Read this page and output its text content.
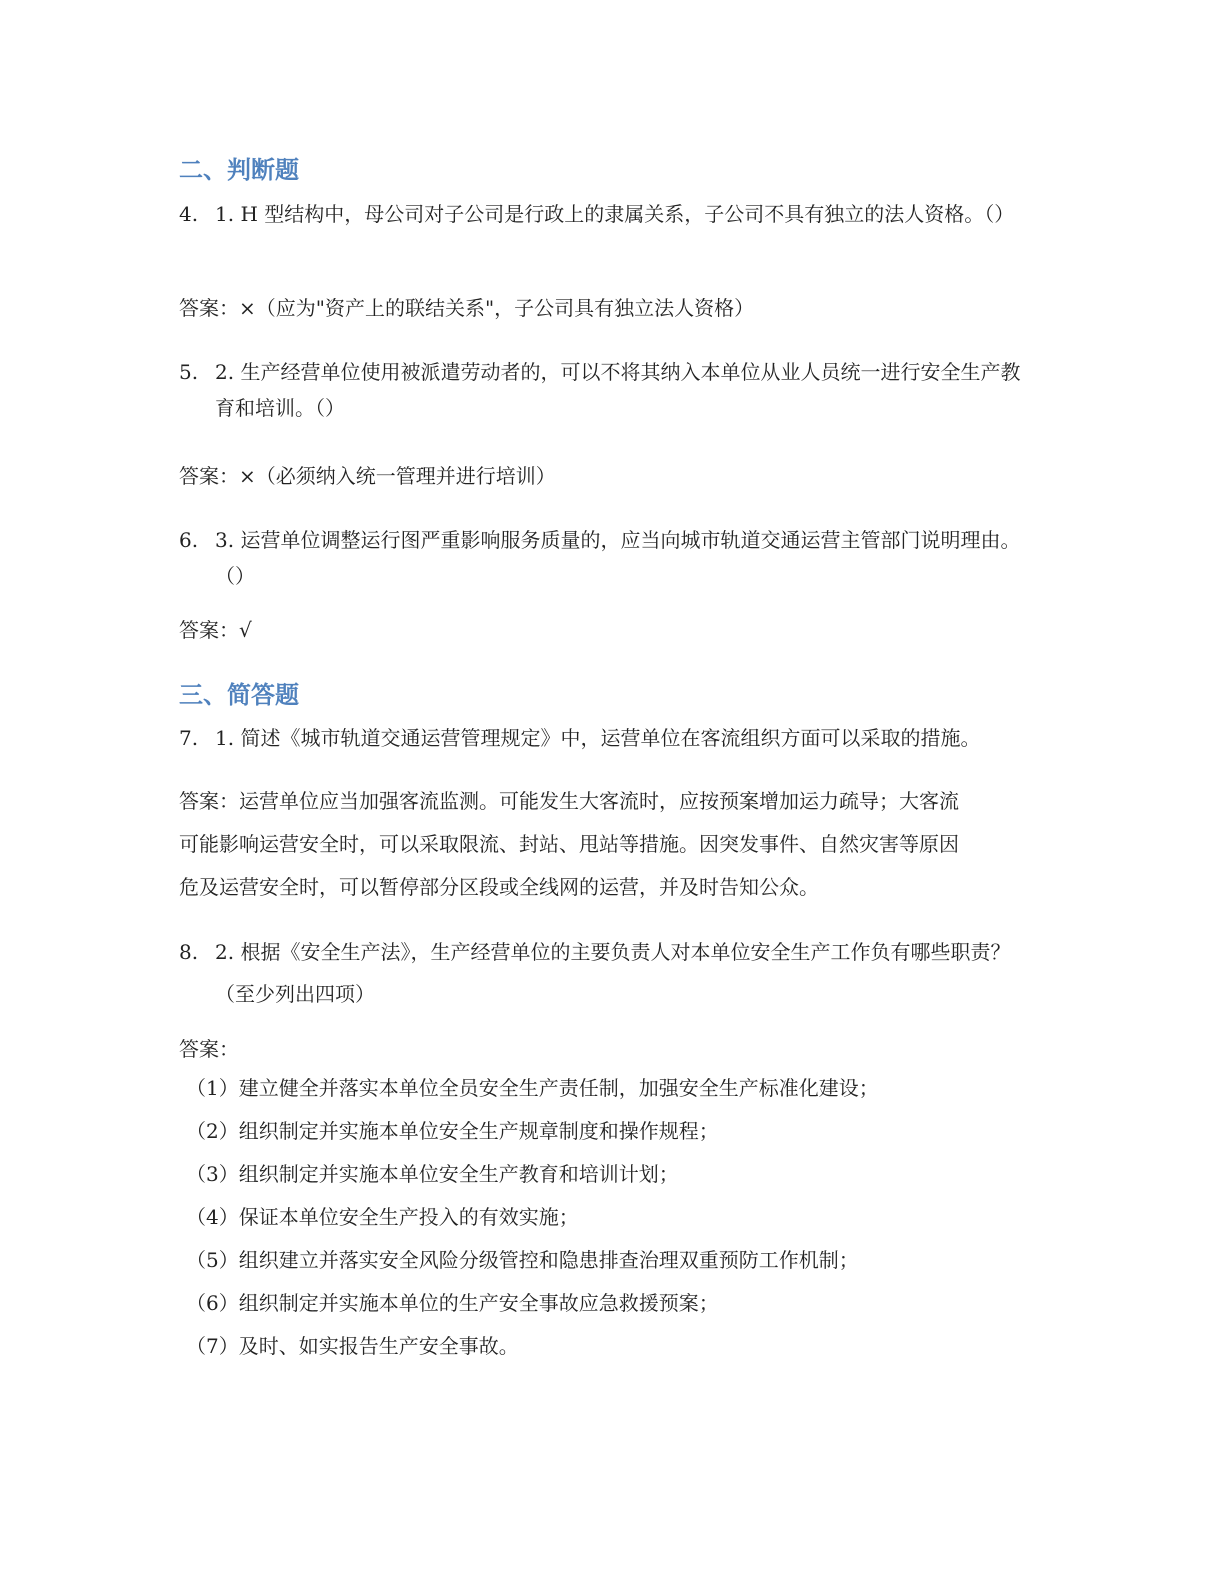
二、判断题
4. 1. H 型结构中，母公司对子公司是行政上的隶属关系，子公司不具有独立的法人资格。（）
答案：×（应为"资产上的联结关系"，子公司具有独立法人资格）
5. 2. 生产经营单位使用被派遣劳动者的，可以不将其纳入本单位从业人员统一进行安全生产教育和培训。（）
答案：×（必须纳入统一管理并进行培训）
6. 3. 运营单位调整运行图严重影响服务质量的，应当向城市轨道交通运营主管部门说明理由。（）
答案：√
三、简答题
7. 1. 简述《城市轨道交通运营管理规定》中，运营单位在客流组织方面可以采取的措施。
答案：运营单位应当加强客流监测。可能发生大客流时，应按预案增加运力疏导；大客流
可能影响运营安全时，可以采取限流、封站、甩站等措施。因突发事件、自然灾害等原因
危及运营安全时，可以暂停部分区段或全线网的运营，并及时告知公众。
8. 2. 根据《安全生产法》，生产经营单位的主要负责人对本单位安全生产工作负有哪些职责？（至少列出四项）
答案：
（1）建立健全并落实本单位全员安全生产责任制，加强安全生产标准化建设；
（2）组织制定并实施本单位安全生产规章制度和操作规程；
（3）组织制定并实施本单位安全生产教育和培训计划；
（4）保证本单位安全生产投入的有效实施；
（5）组织建立并落实安全风险分级管控和隐患排查治理双重预防工作机制；
（6）组织制定并实施本单位的生产安全事故应急救援预案；
（7）及时、如实报告生产安全事故。
